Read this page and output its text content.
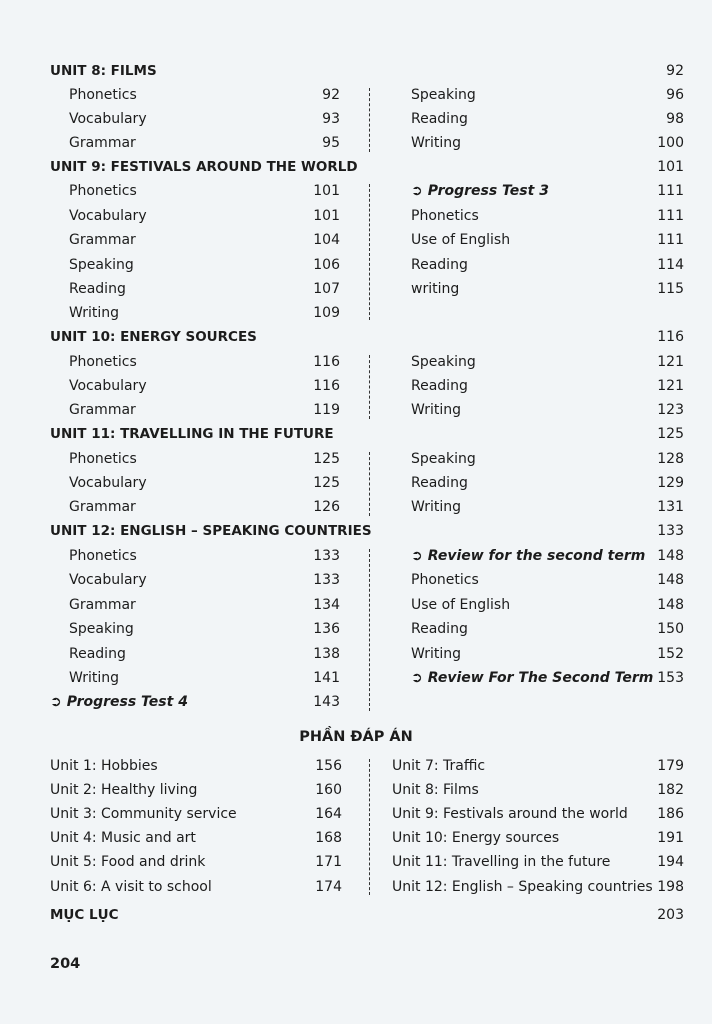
UNIT 8: FILMS	92
Phonetics	92
Vocabulary	93
Grammar	95
Speaking	96
Reading	98
Writing	100
UNIT 9: FESTIVALS AROUND THE WORLD	101
Phonetics	101
Vocabulary	101
Grammar	104
Speaking	106
Reading	107
Writing	109
➲ Progress Test 3	111
Phonetics	111
Use of English	111
Reading	114
writing	115
UNIT 10: ENERGY SOURCES	116
Phonetics	116
Vocabulary	116
Grammar	119
Speaking	121
Reading	121
Writing	123
UNIT 11: TRAVELLING IN THE FUTURE	125
Phonetics	125
Vocabulary	125
Grammar	126
Speaking	128
Reading	129
Writing	131
UNIT 12: ENGLISH – SPEAKING COUNTRIES	133
Phonetics	133
Vocabulary	133
Grammar	134
Speaking	136
Reading	138
Writing	141
➲ Progress Test 4	143
➲ Review for the second term 148
Phonetics	148
Use of English	148
Reading	150
Writing	152
➲ Review For The Second Term 153
PHẦN ĐÁP ÁN
Unit 1: Hobbies	156
Unit 2: Healthy living	160
Unit 3: Community service	164
Unit 4: Music and art	168
Unit 5: Food and drink	171
Unit 6: A visit to school	174
Unit 7: Traffic	179
Unit 8: Films	182
Unit 9: Festivals around the world	186
Unit 10: Energy sources	191
Unit 11: Travelling in the future	194
Unit 12: English – Speaking countries 198
MỤC LỤC	203
204
